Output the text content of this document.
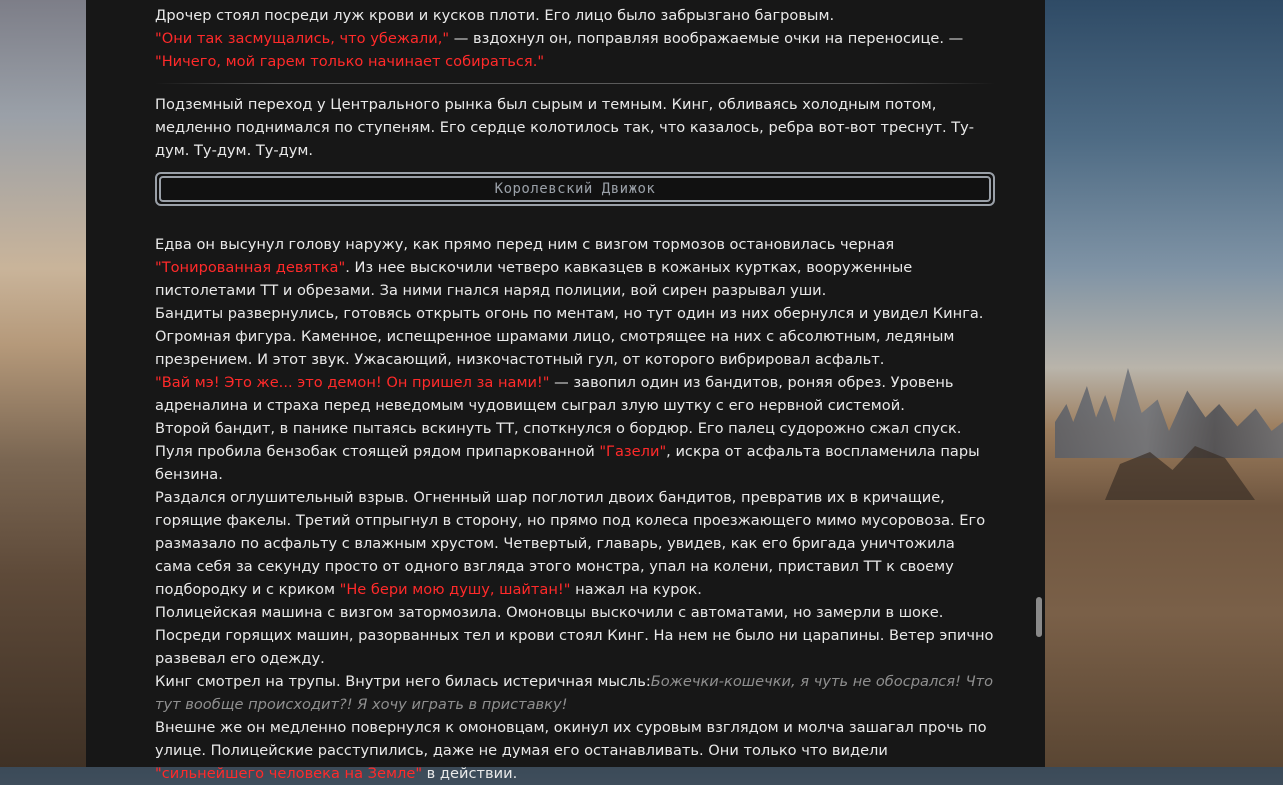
Дрочер стоял посреди луж крови и кусков плоти. Его лицо было забрызгано багровым.

"Они так засмущались, что убежали," — вздохнул он, поправляя воображаемые очки на переносице. —
"Ничего, мой гарем только начинает собираться."

Подземный переход у Центрального рынка был сырым и темным. Кинг, обливаясь холодным потом, медленно поднимался по ступеням. Его сердце колотилось так, что казалось, ребра вот-вот треснут. Ту-дум. Ту-дум. Ту-дум.

Королевский Движок

Едва он высунул голову наружу, как прямо перед ним с визгом тормозов остановилась черная "Тонированная девятка". Из нее выскочили четверо кавказцев в кожаных куртках, вооруженные пистолетами ТТ и обрезами. За ними гнался наряд полиции, вой сирен разрывал уши.

Бандиты развернулись, готовясь открыть огонь по ментам, но тут один из них обернулся и увидел Кинга. Огромная фигура. Каменное, испещренное шрамами лицо, смотрящее на них с абсолютным, ледяным презрением. И этот звук. Ужасающий, низкочастотный гул, от которого вибрировал асфальт.

"Вай мэ! Это же... это демон! Он пришел за нами!" — завопил один из бандитов, роняя обрез. Уровень адреналина и страха перед неведомым чудовищем сыграл злую шутку с его нервной системой.

Второй бандит, в панике пытаясь вскинуть ТТ, споткнулся о бордюр. Его палец судорожно сжал спуск. Пуля пробила бензобак стоящей рядом припаркованной "Газели", искра от асфальта воспламенила пары бензина.

Раздался оглушительный взрыв. Огненный шар поглотил двоих бандитов, превратив их в кричащие, горящие факелы. Третий отпрыгнул в сторону, но прямо под колеса проезжающего мимо мусоровоза. Его размазало по асфальту с влажным хрустом. Четвертый, главарь, увидев, как его бригада уничтожила сама себя за секунду просто от одного взгляда этого монстра, упал на колени, приставил ТТ к своему подбородку и с криком "Не бери мою душу, шайтан!" нажал на курок.

Полицейская машина с визгом затормозила. Омоновцы выскочили с автоматами, но замерли в шоке.

Посреди горящих машин, разорванных тел и крови стоял Кинг. На нем не было ни царапины. Ветер эпично развевал его одежду.

Кинг смотрел на трупы. Внутри него билась истеричная мысль:Божечки-кошечки, я чуть не обосрался! Что тут вообще происходит?! Я хочу играть в приставку!

Внешне же он медленно повернулся к омоновцам, окинул их суровым взглядом и молча зашагал прочь по улице. Полицейские расступились, даже не думая его останавливать. Они только что видели "сильнейшего человека на Земле" в действии.
